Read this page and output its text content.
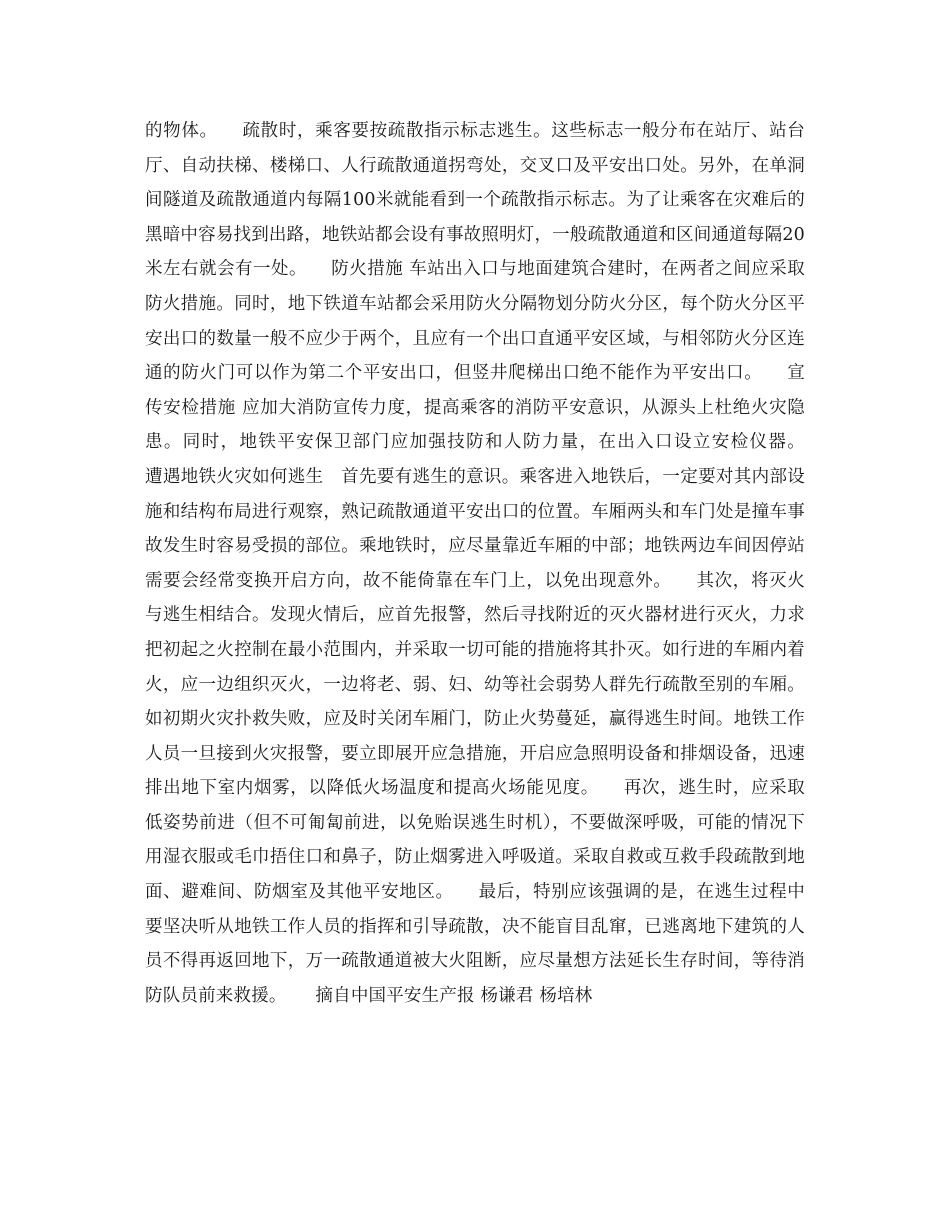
的物体。    疏散时，乘客要按疏散指示标志逃生。这些标志一般分布在站厅、站台厅、自动扶梯、楼梯口、人行疏散通道拐弯处，交叉口及平安出口处。另外，在单洞间隧道及疏散通道内每隔100米就能看到一个疏散指示标志。为了让乘客在灾难后的黑暗中容易找到出路，地铁站都会设有事故照明灯，一般疏散通道和区间通道每隔20米左右就会有一处。    防火措施 车站出入口与地面建筑合建时，在两者之间应采取防火措施。同时，地下铁道车站都会采用防火分隔物划分防火分区，每个防火分区平安出口的数量一般不应少于两个，且应有一个出口直通平安区域，与相邻防火分区连通的防火门可以作为第二个平安出口，但竖井爬梯出口绝不能作为平安出口。    宣传安检措施 应加大消防宣传力度，提高乘客的消防平安意识，从源头上杜绝火灾隐患。同时，地铁平安保卫部门应加强技防和人防力量，在出入口设立安检仪器。    遭遇地铁火灾如何逃生   首先要有逃生的意识。乘客进入地铁后，一定要对其内部设施和结构布局进行观察，熟记疏散通道平安出口的位置。车厢两头和车门处是撞车事故发生时容易受损的部位。乘地铁时，应尽量靠近车厢的中部；地铁两边车间因停站需要会经常变换开启方向，故不能倚靠在车门上，以免出现意外。    其次，将灭火与逃生相结合。发现火情后，应首先报警，然后寻找附近的灭火器材进行灭火，力求把初起之火控制在最小范围内，并采取一切可能的措施将其扑灭。如行进的车厢内着火，应一边组织灭火，一边将老、弱、妇、幼等社会弱势人群先行疏散至别的车厢。如初期火灾扑救失败，应及时关闭车厢门，防止火势蔓延，赢得逃生时间。地铁工作人员一旦接到火灾报警，要立即展开应急措施，开启应急照明设备和排烟设备，迅速排出地下室内烟雾，以降低火场温度和提高火场能见度。    再次，逃生时，应采取低姿势前进（但不可匍匐前进，以免贻误逃生时机），不要做深呼吸，可能的情况下用湿衣服或毛巾捂住口和鼻子，防止烟雾进入呼吸道。采取自救或互救手段疏散到地面、避难间、防烟室及其他平安地区。    最后，特别应该强调的是，在逃生过程中要坚决听从地铁工作人员的指挥和引导疏散，决不能盲目乱窜，已逃离地下建筑的人员不得再返回地下，万一疏散通道被大火阻断，应尽量想方法延长生存时间，等待消防队员前来救援。     摘自中国平安生产报 杨谦君 杨培林
